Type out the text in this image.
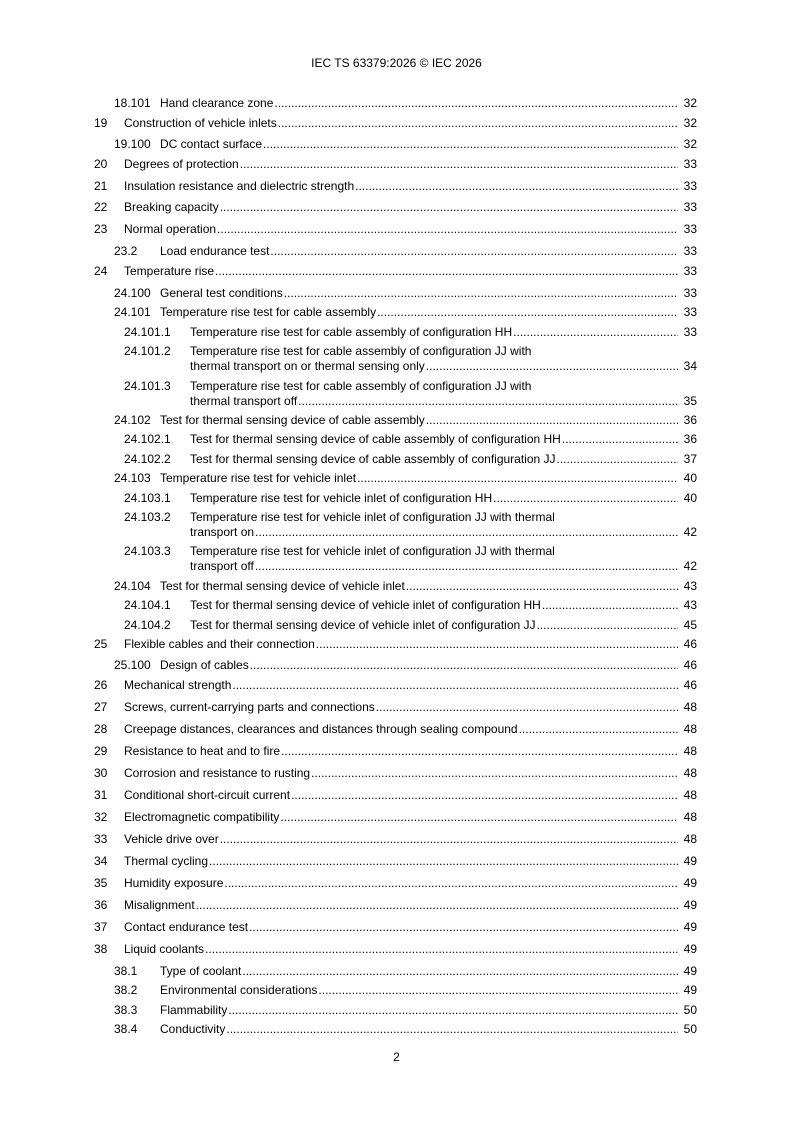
IEC TS 63379:2026 © IEC 2026
18.101 Hand clearance zone .....	32
19 Construction of vehicle inlets .....	32
19.100 DC contact surface .....	32
20 Degrees of protection .....	33
21 Insulation resistance and dielectric strength .....	33
22 Breaking capacity .....	33
23 Normal operation .....	33
23.2 Load endurance test .....	33
24 Temperature rise .....	33
24.100 General test conditions .....	33
24.101 Temperature rise test for cable assembly .....	33
24.101.1 Temperature rise test for cable assembly of configuration HH .....	33
24.101.2 Temperature rise test for cable assembly of configuration JJ with
thermal transport on or thermal sensing only .....	34
24.101.3 Temperature rise test for cable assembly of configuration JJ with
thermal transport off .....	35
24.102 Test for thermal sensing device of cable assembly .....	36
24.102.1 Test for thermal sensing device of cable assembly of configuration HH .....	36
24.102.2 Test for thermal sensing device of cable assembly of configuration JJ .....	37
24.103 Temperature rise test for vehicle inlet .....	40
24.103.1 Temperature rise test for vehicle inlet of configuration HH .....	40
24.103.2 Temperature rise test for vehicle inlet of configuration JJ with thermal
transport on .....	42
24.103.3 Temperature rise test for vehicle inlet of configuration JJ with thermal
transport off .....	42
24.104 Test for thermal sensing device of vehicle inlet .....	43
24.104.1 Test for thermal sensing device of vehicle inlet of configuration HH .....	43
24.104.2 Test for thermal sensing device of vehicle inlet of configuration JJ .....	45
25 Flexible cables and their connection .....	46
25.100 Design of cables .....	46
26 Mechanical strength .....	46
27 Screws, current-carrying parts and connections .....	48
28 Creepage distances, clearances and distances through sealing compound .....	48
29 Resistance to heat and to fire .....	48
30 Corrosion and resistance to rusting .....	48
31 Conditional short-circuit current .....	48
32 Electromagnetic compatibility .....	48
33 Vehicle drive over .....	48
34 Thermal cycling .....	49
35 Humidity exposure .....	49
36 Misalignment .....	49
37 Contact endurance test .....	49
38 Liquid coolants .....	49
38.1 Type of coolant .....	49
38.2 Environmental considerations .....	49
38.3 Flammability .....	50
38.4 Conductivity .....	50
2
